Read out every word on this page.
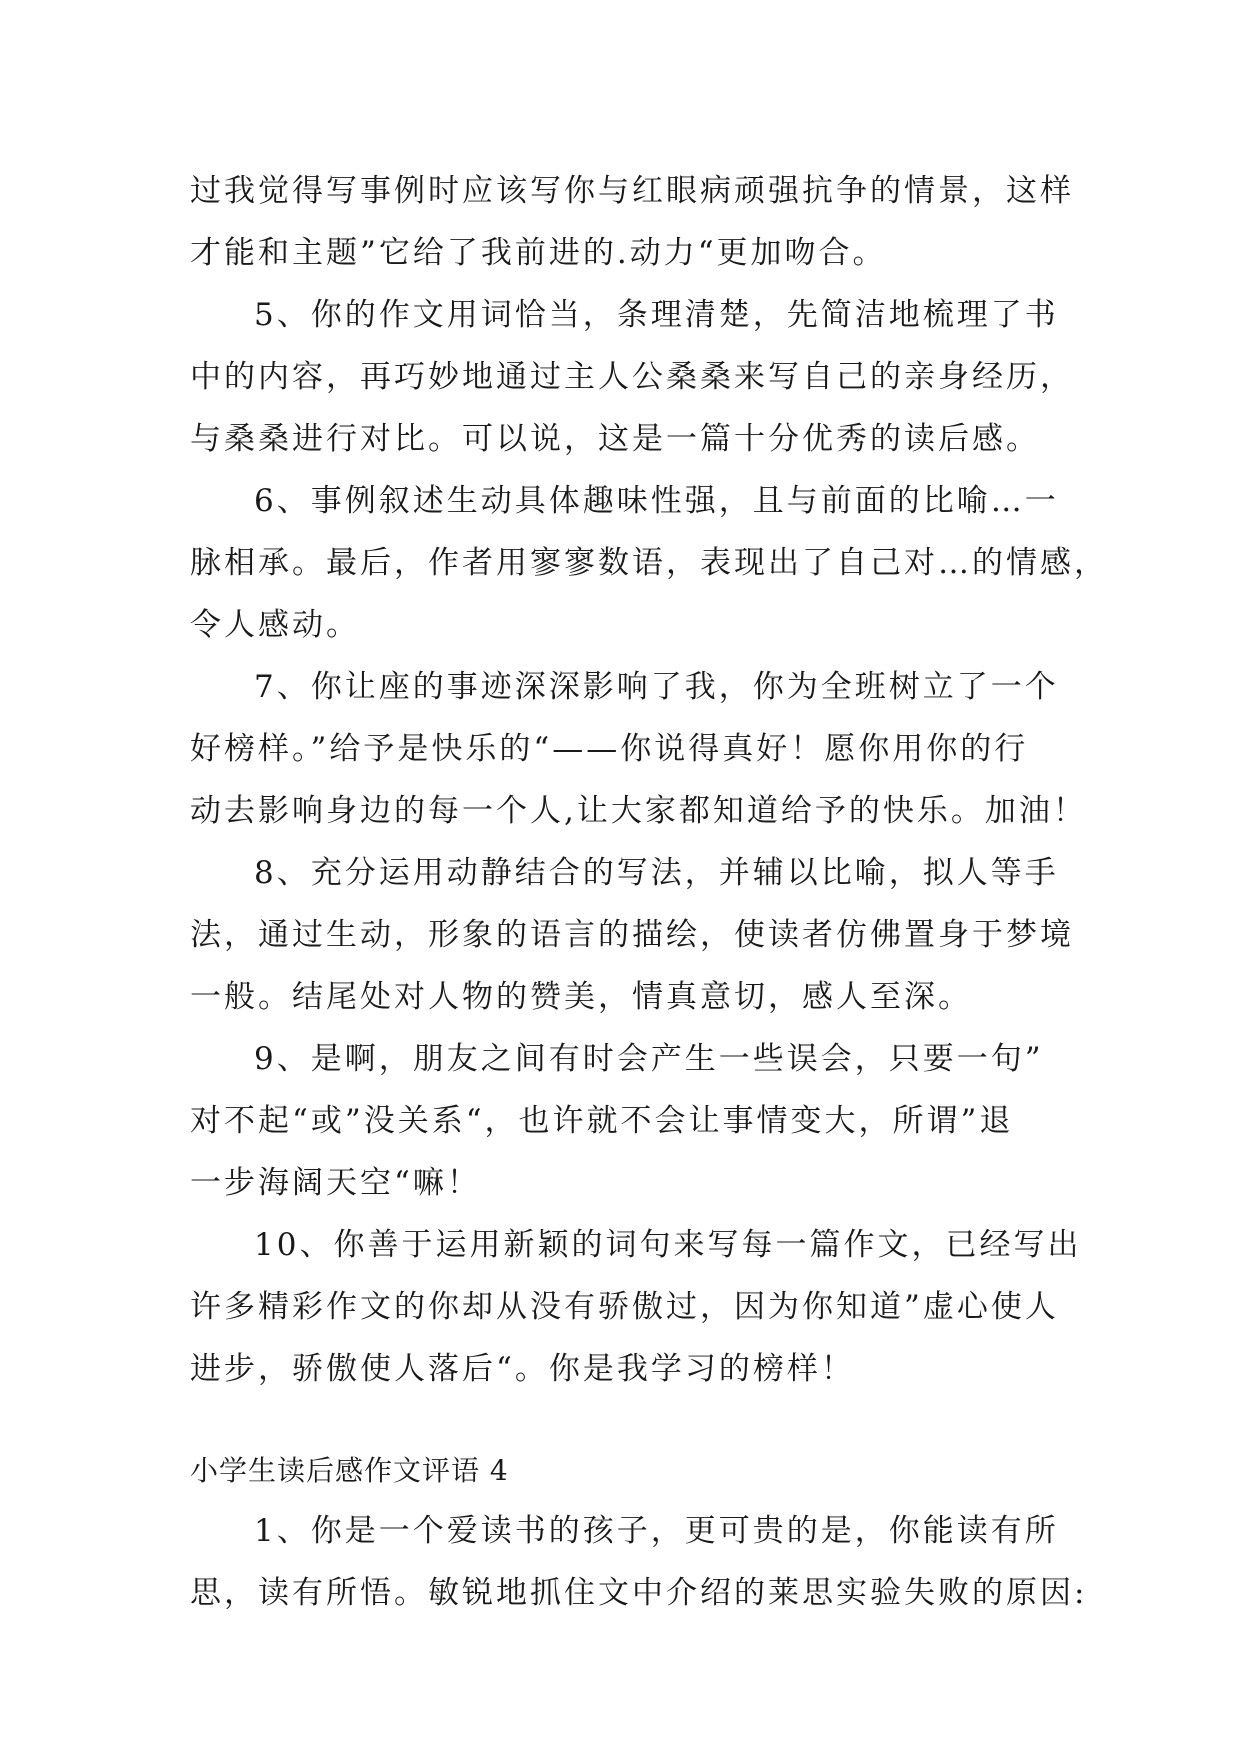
过我觉得写事例时应该写你与红眼病顽强抗争的情景，这样
才能和主题”它给了我前进的.动力“更加吻合。
5、你的作文用词恰当，条理清楚，先简洁地梳理了书
中的内容，再巧妙地通过主人公桑桑来写自己的亲身经历，
与桑桑进行对比。可以说，这是一篇十分优秀的读后感。
6、事例叙述生动具体趣味性强，且与前面的比喻…一
脉相承。最后，作者用寥寥数语，表现出了自己对…的情感，
令人感动。
7、你让座的事迹深深影响了我，你为全班树立了一个
好榜样。”给予是快乐的“——你说得真好！愿你用你的行
动去影响身边的每一个人,让大家都知道给予的快乐。加油！
8、充分运用动静结合的写法，并辅以比喻，拟人等手
法，通过生动，形象的语言的描绘，使读者仿佛置身于梦境
一般。结尾处对人物的赞美，情真意切，感人至深。
9、是啊，朋友之间有时会产生一些误会，只要一句”
对不起“或”没关系“，也许就不会让事情变大，所谓”退
一步海阔天空“嘛！
10、你善于运用新颖的词句来写每一篇作文，已经写出
许多精彩作文的你却从没有骄傲过，因为你知道”虚心使人
进步，骄傲使人落后“。你是我学习的榜样！
小学生读后感作文评语 4
1、你是一个爱读书的孩子，更可贵的是，你能读有所
思，读有所悟。敏锐地抓住文中介绍的莱思实验失败的原因:
